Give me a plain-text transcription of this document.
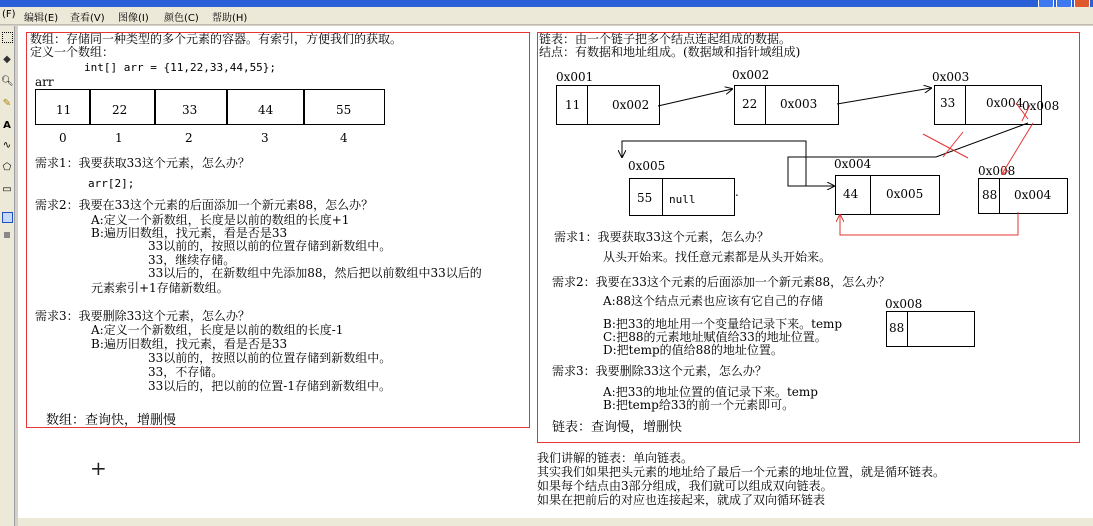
(F) 编辑(E) 查看(V) 图像(I) 颜色(C) 帮助(H)
◆
🔍︎
✎
A
∿
⬠
▭
数组：存储同一种类型的多个元素的容器。有索引，方便我们的获取。
定义一个数组：
int[] arr = {11,22,33,44,55};
arr
11	22	33	44	55
0	1	2	3	4
需求1：我要获取33这个元素，怎么办？
arr[2];
需求2：我要在33这个元素的后面添加一个新元素88，怎么办？
A:定义一个新数组，长度是以前的数组的长度+1
B:遍历旧数组，找元素，看是否是33
33以前的，按照以前的位置存储到新数组中。
33，继续存储。
33以后的，在新数组中先添加88，然后把以前数组中33以后的
元素索引+1存储新数组。
需求3：我要删除33这个元素，怎么办？
A:定义一个新数组，长度是以前的数组的长度-1
B:遍历旧数组，找元素，看是否是33
33以前的，按照以前的位置存储到新数组中。
33，不存储。
33以后的，把以前的位置-1存储到新数组中。
数组：查询快，增删慢
+
链表：由一个链子把多个结点连起组成的数据。
结点：有数据和地址组成。(数据域和指针域组成)
0x001
11	0x002
0x002
22 0x003
0x003
33	0x004
0x008
0x005
55 null
.
0x004
44 0x005
0x008
88 0x004
需求1：我要获取33这个元素，怎么办？
从头开始来。找任意元素都是从头开始来。
需求2：我要在33这个元素的后面添加一个新元素88，怎么办？
A:88这个结点元素也应该有它自己的存储	0x008
88
B:把33的地址用一个变量给记录下来。temp
C:把88的元素地址赋值给33的地址位置。
D:把temp的值给88的地址位置。
需求3：我要删除33这个元素，怎么办？
A:把33的地址位置的值记录下来。temp
B:把temp给33的前一个元素即可。
链表：查询慢，增删快
我们讲解的链表：单向链表。
其实我们如果把头元素的地址给了最后一个元素的地址位置，就是循环链表。
如果每个结点由3部分组成，我们就可以组成双向链表。
如果在把前后的对应也连接起来，就成了双向循环链表
